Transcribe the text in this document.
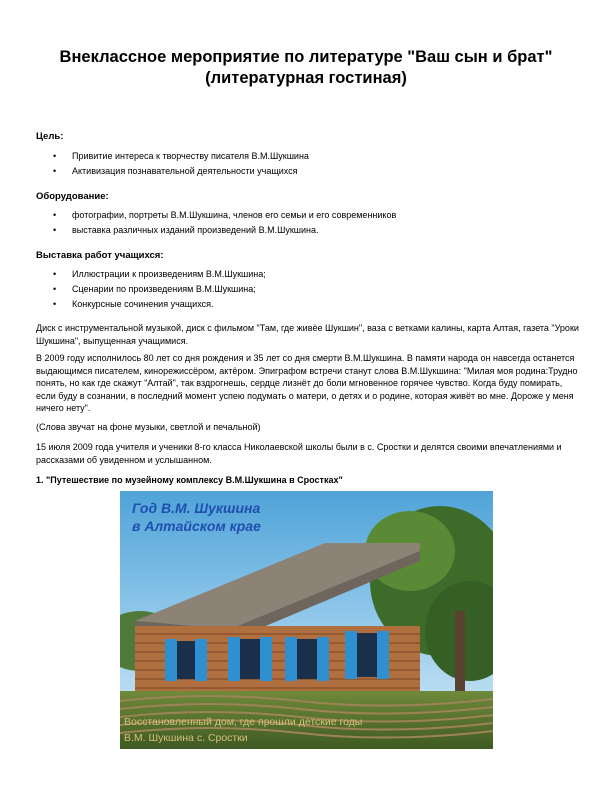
Внеклассное мероприятие по литературе "Ваш сын и брат" (литературная гостиная)
Цель:
• Привитие интереса к творчеству писателя В.М.Шукшина
• Активизация познавательной деятельности учащихся
Оборудование:
• фотографии, портреты В.М.Шукшина, членов его семьи и его современников
• выставка различных изданий произведений В.М.Шукшина.
Выставка работ учащихся:
• Иллюстрации к произведениям В.М.Шукшина;
• Сценарии по произведениям В.М.Шукшина;
• Конкурсные сочинения учащихся.
Диск с инструментальной музыкой, диск с фильмом "Там, где живёе Шукшин", ваза с ветками калины, карта Алтая, газета "Уроки Шукшина", выпущенная учащимися.
В 2009 году исполнилось 80 лет со дня рождения и 35 лет со дня смерти В.М.Шукшина. В памяти народа он навсегда останется выдающимся писателем, кинорежиссёром, актёром. Эпиграфом встречи станут слова В.М.Шукшина: "Милая моя родина:Трудно понять, но как где скажут "Алтай", так вздрогнешь, сердце лизнёт до боли мгновенное горячее чувство. Когда буду помирать, если буду в сознании, в последний момент успею подумать о матери, о детях и о родине, которая живёт во мне. Дороже у меня ничего нету".
(Слова звучат на фоне музыки, светлой и печальной)
15 июля 2009 года учителя и ученики 8-го класса Николаевской школы были в с. Сростки и делятся своими впечатлениями и рассказами об увиденном и услышанном.
1. "Путешествие по музейному комплексу В.М.Шукшина в Сростках"
Год В.М. Шукшина
в Алтайском крае
Восстановленный дом, где прошли детские годы
В.М. Шукшина с. Сростки
